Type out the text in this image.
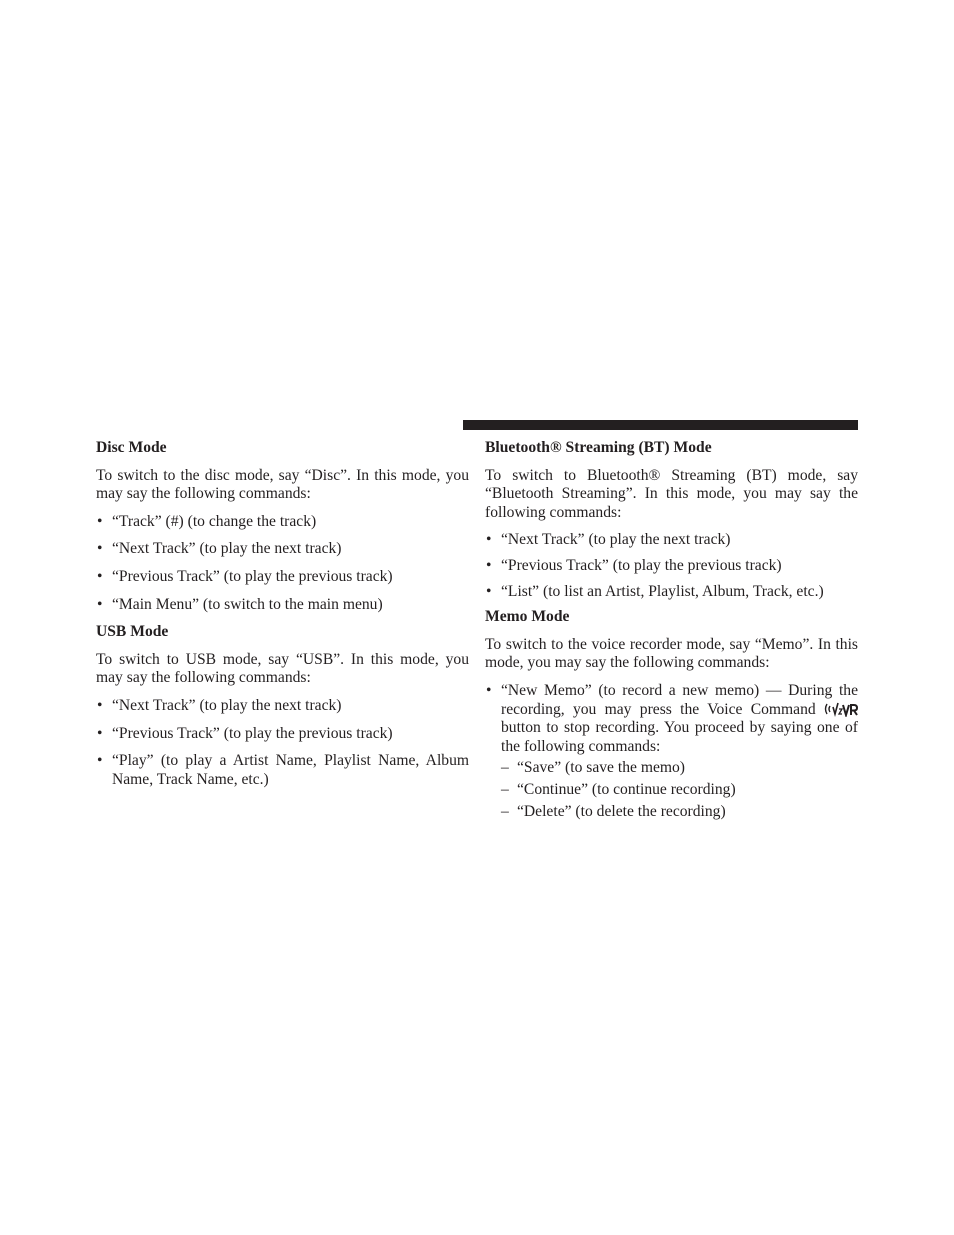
Disc Mode

To switch to the disc mode, say “Disc”. In this mode, you may say the following commands:

• “Track” (#) (to change the track)
• “Next Track” (to play the next track)
• “Previous Track” (to play the previous track)
• “Main Menu” (to switch to the main menu)
USB Mode

To switch to USB mode, say “USB”. In this mode, you may say the following commands:

• “Next Track” (to play the next track)
• “Previous Track” (to play the previous track)
• “Play” (to play a Artist Name, Playlist Name, Album Name, Track Name, etc.)
Bluetooth® Streaming (BT) Mode

To switch to Bluetooth® Streaming (BT) mode, say “Bluetooth Streaming”. In this mode, you may say the following commands:

• “Next Track” (to play the next track)
• “Previous Track” (to play the previous track)
• “List” (to list an Artist, Playlist, Album, Track, etc.)
Memo Mode

To switch to the voice recorder mode, say “Memo”. In this mode, you may say the following commands:

• “New Memo” (to record a new memo) — During the recording, you may press the Voice Command  button to stop recording. You proceed by saying one of the following commands:
– “Save” (to save the memo)
– “Continue” (to continue recording)
– “Delete” (to delete the recording)
